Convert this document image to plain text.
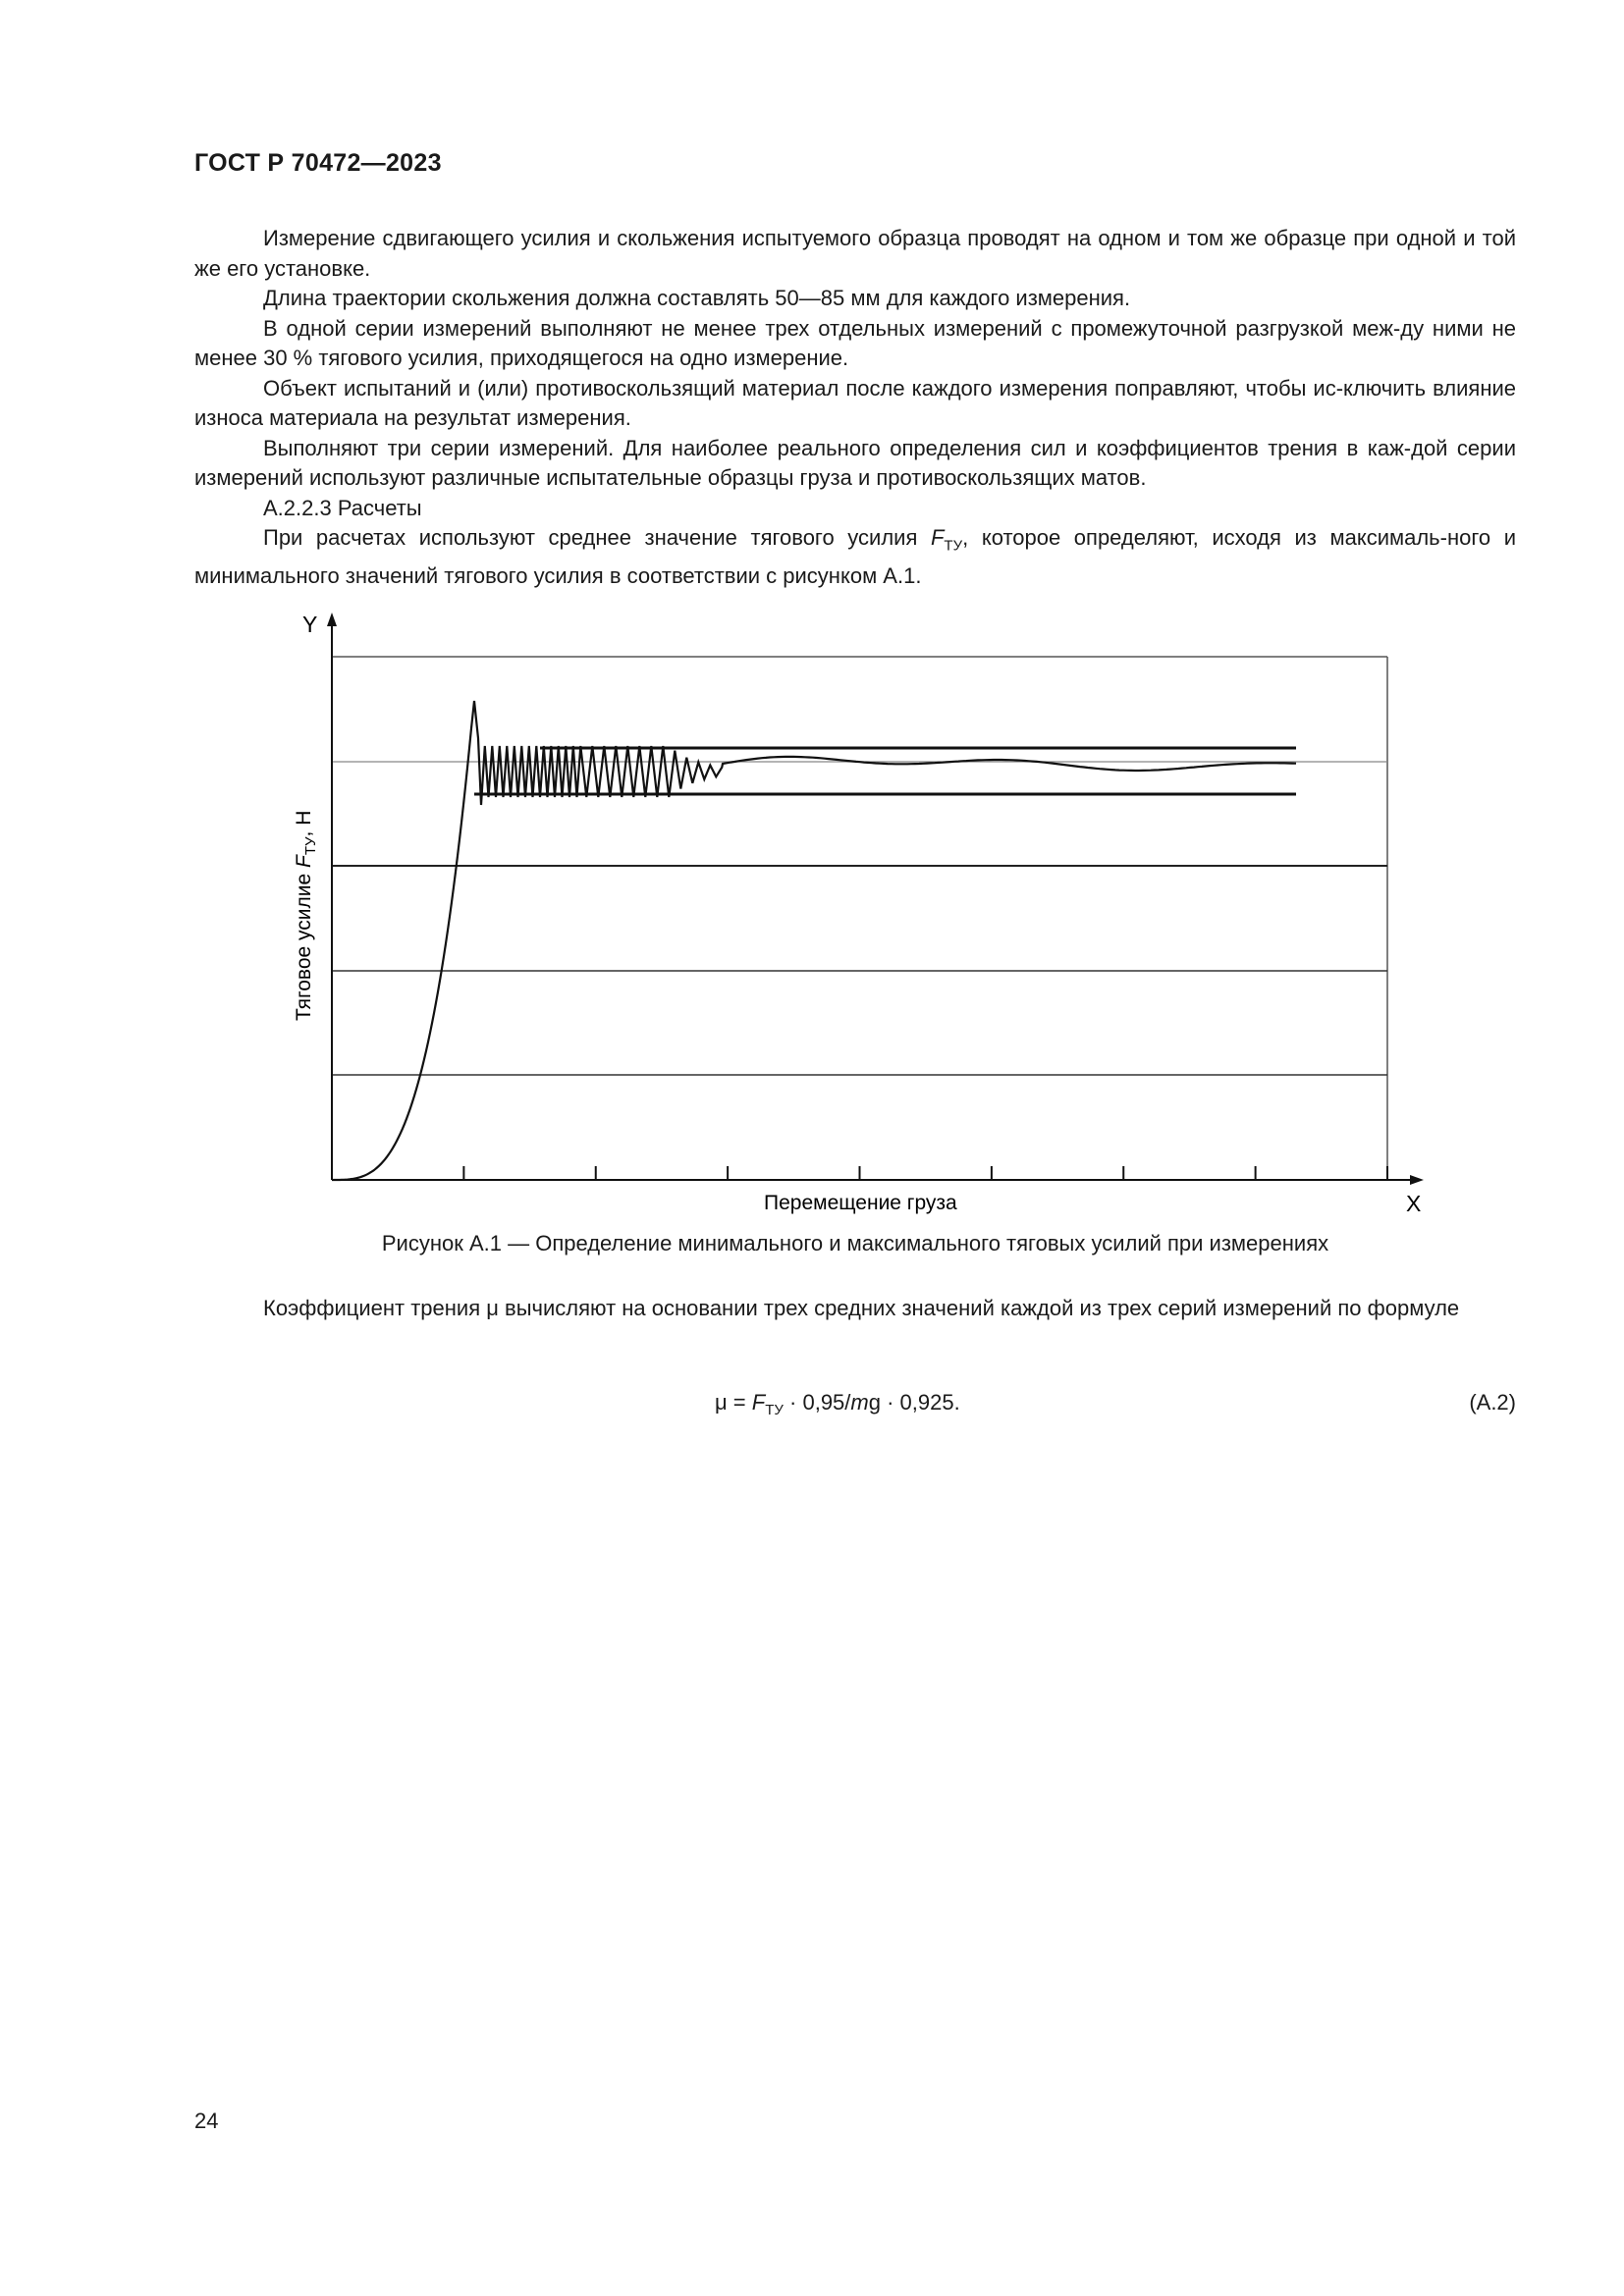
ГОСТ Р 70472—2023

Измерение сдвигающего усилия и скольжения испытуемого образца проводят на одном и том же образце при одной и той же его установке.

Длина траектории скольжения должна составлять 50—85 мм для каждого измерения.

В одной серии измерений выполняют не менее трех отдельных измерений с промежуточной разгрузкой меж-ду ними не менее 30 % тягового усилия, приходящегося на одно измерение.

Объект испытаний и (или) противоскользящий материал после каждого измерения поправляют, чтобы ис-ключить влияние износа материала на результат измерения.

Выполняют три серии измерений. Для наиболее реального определения сил и коэффициентов трения в каж-дой серии измерений используют различные испытательные образцы груза и противоскользящих матов.

А.2.2.3 Расчеты

При расчетах используют среднее значение тягового усилия $F_{ТУ}$, которое определяют, исходя из максималь-ного и минимального значений тягового усилия в соответствии с рисунком А.1.

Y
X
Перемещение груза
Тяговое усилие $F_{ТУ}$, Н
Рисунок А.1 — Определение минимального и максимального тяговых усилий при измерениях

Коэффициент трения μ вычисляют на основании трех средних значений каждой из трех серий измерений по формуле

$\mu = F_{ТУ} \cdot 0,95/mg \cdot 0,925$.	(А.2)
24
